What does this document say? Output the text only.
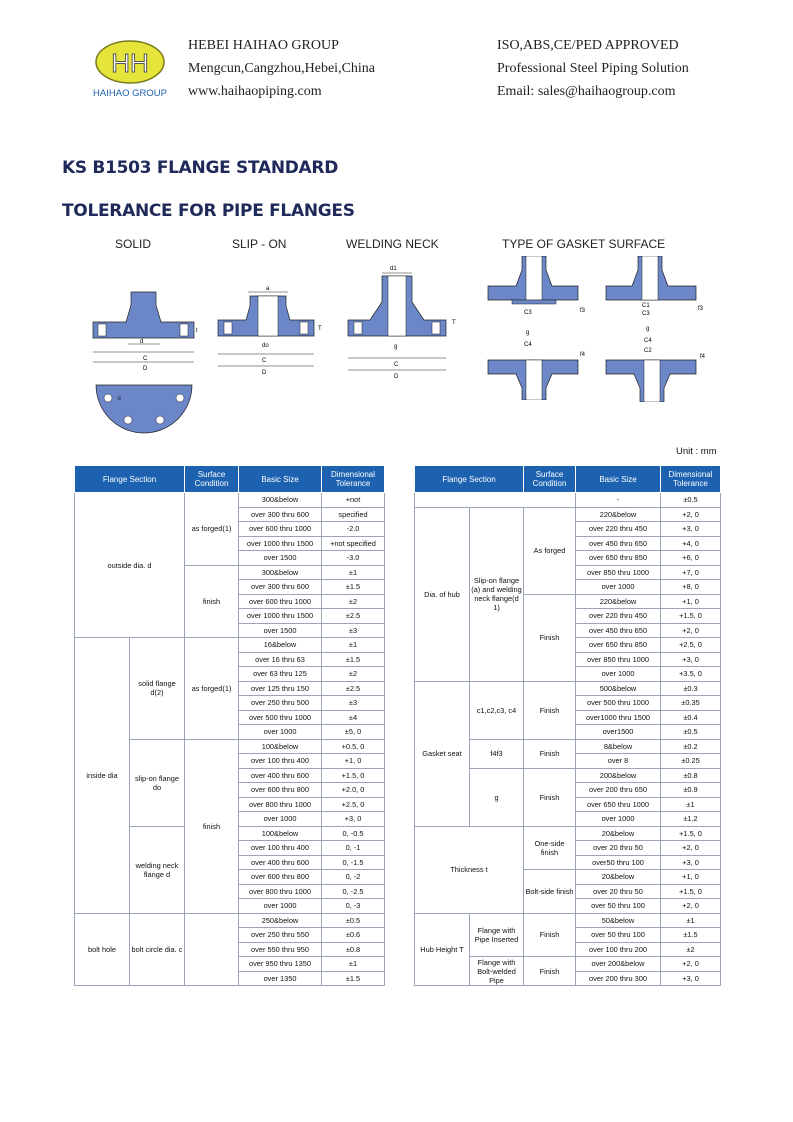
HH
HAIHAO GROUP
HEBEI HAIHAO GROUP
Mengcun,Cangzhou,Hebei,China
www.haihaopiping.com
ISO,ABS,CE/PED APPROVED
Professional Steel Piping Solution
Email: sales@haihaogroup.com
KS B1503 FLANGE STANDARD
TOLERANCE FOR PIPE FLANGES
SOLID	SLIP - ON	WELDING NECK	TYPE OF GASKET SURFACE
d
C
D
t
c
a
T
do
C
D
d1
T
g
C
D
C3	f3
C1
C3
f3
g
C4
f4
g
C4
C2
f4
Unit : mm
Flange Section		Surface Condition	Basic Size	Dimensional Tolerance
outside dia. d		as forged(1)	300&below	+not
			over 300 thru 600	specified
			over 600 thru 1000	-2.0
			over 1000 thru 1500	+not specified
			over 1500	-3.0
		finish	300&below	±1
			over 300 thru 600	±1.5
			over 600 thru 1000	±2
			over 1000 thru 1500	±2.5
			over 1500	±3
inside dia	solid flange d(2)	as forged(1)	16&below	±1
			over 16 thru 63	±1.5
			over 63 thru 125	±2
			over 125 thru 150	±2.5
			over 250 thru 500	±3
			over 500 thru 1000	±4
			over 1000	±5, 0
	slip-on flange do	finish	100&below	+0.5, 0
			over 100 thru 400	+1, 0
			over 400 thru 600	+1.5, 0
			over 600 thru 800	+2.0, 0
			over 800 thru 1000	+2.5, 0
			over 1000	+3, 0
	welding neck flange d		100&below	0, -0.5
			over 100 thru 400	0, -1
			over 400 thru 600	0, -1.5
			over 600 thru 800	0, -2
			over 800 thru 1000	0, -2.5
			over 1000	0, -3
bolt hole	bolt circle dia. c		250&below	±0.5
			over 250 thru 550	±0.6
			over 550 thru 950	±0.8
			over 950 thru 1350	±1
			over 1350	±1.5
Flange Section		Surface Condition	Basic Size	Dimensional Tolerance
			-	±0.5
Dia. of hub	Slip-on flange (a) and welding neck flange(d 1)	As forged	220&below	+2, 0
			over 220 thru 450	+3, 0
			over 450 thru 650	+4, 0
			over 650 thru 850	+6, 0
			over 850 thru 1000	+7, 0
			over 1000	+8, 0
		Finish	220&below	+1, 0
			over 220 thru 450	+1.5, 0
			over 450 thru 650	+2, 0
			over 650 thru 850	+2.5, 0
			over 850 thru 1000	+3, 0
			over 1000	+3.5, 0
Gasket seat	c1,c2,c3, c4	Finish	500&below	±0.3
			over 500 thru 1000	±0.35
			over1000 thru 1500	±0.4
			over1500	±0.5
	f4f3	Finish	8&below	±0.2
			over 8	±0.25
	g	Finish	200&below	±0.8
			over 200 thru 650	±0.9
			over 650 thru 1000	±1
			over 1000	±1.2
Thickness t		One-side finish	20&below	+1.5, 0
			over 20 thru 50	+2, 0
			over50 thru 100	+3, 0
		Bolt-side finish	20&below	+1, 0
			over 20 thru 50	+1.5, 0
			over 50 thru 100	+2, 0
Hub Height T	Flange with Pipe Inserted	Finish	50&below	±1
			over 50 thru 100	±1.5
			over 100 thru 200	±2
	Flange with Bolt-welded Pipe	Finish	over 200&below	+2, 0
			over 200 thru 300	+3, 0
